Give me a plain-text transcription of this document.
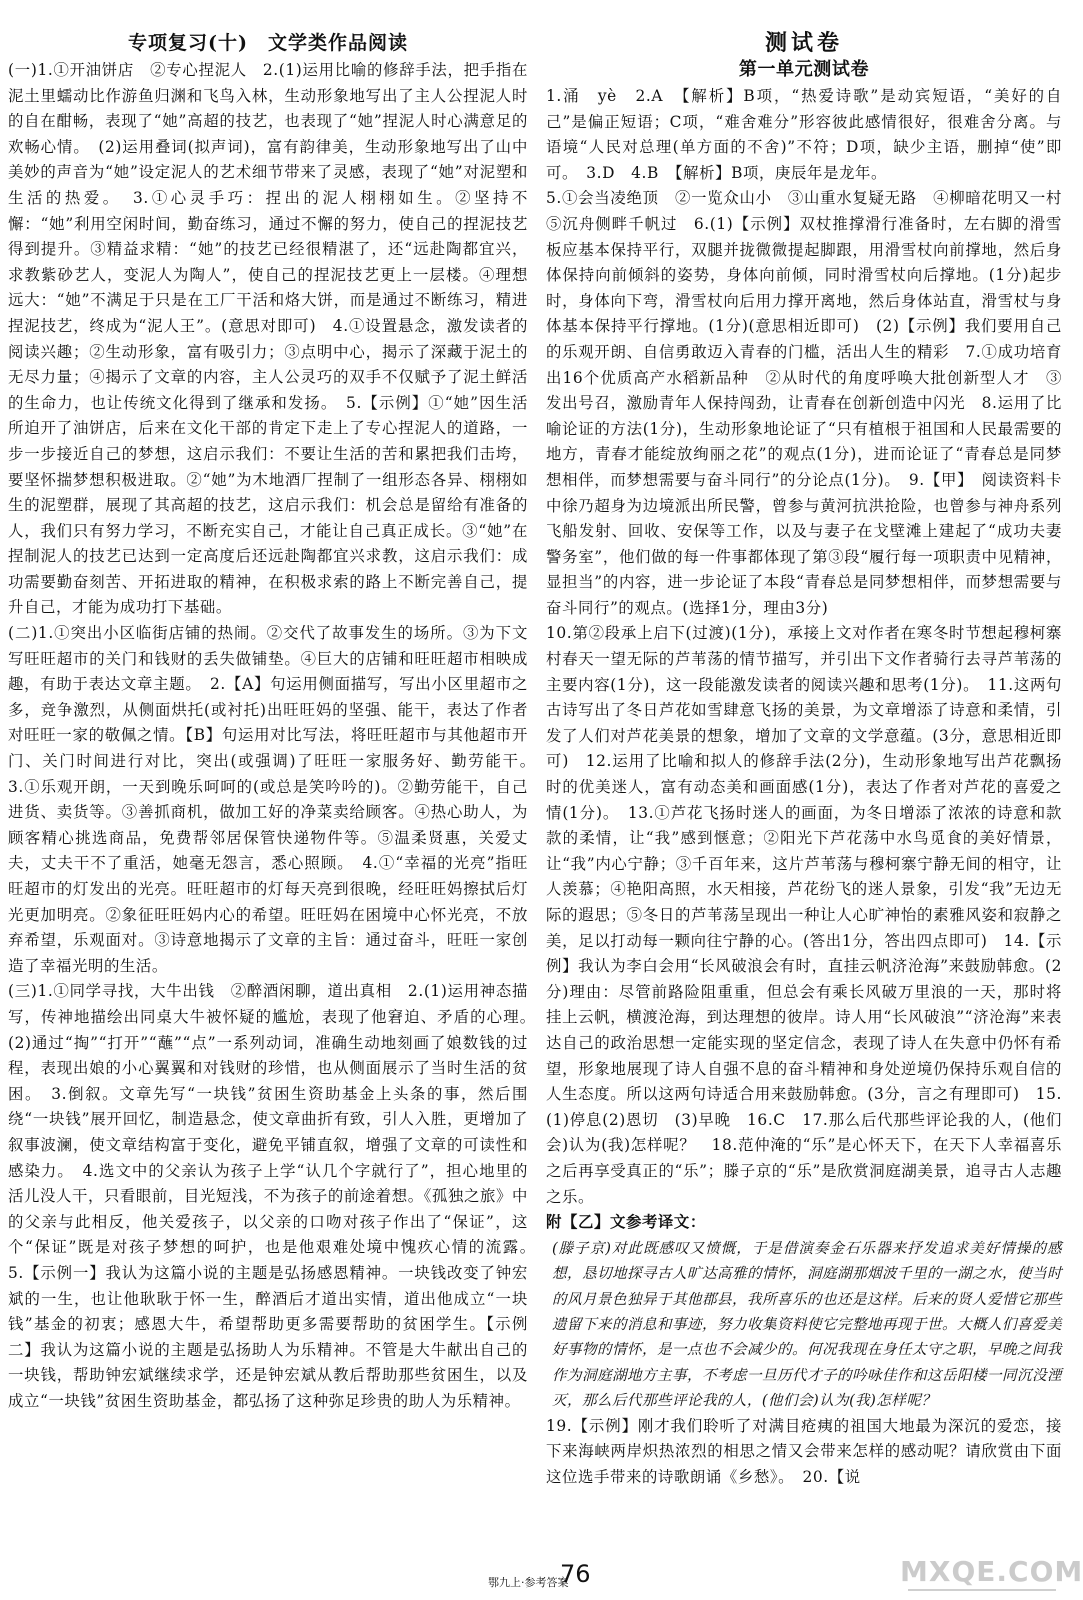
专项复习(十)　文学类作品阅读

(一)1.①开油饼店　②专心捏泥人　2.(1)运用比喻的修辞手法，把手指在泥土里蠕动比作游鱼归渊和飞鸟入林，生动形象地写出了主人公捏泥人时的自在酣畅，表现了“她”高超的技艺，也表现了“她”捏泥人时心满意足的欢畅心情。　(2)运用叠词(拟声词)，富有韵律美，生动形象地写出了山中美妙的声音为“她”设定泥人的艺术细节带来了灵感，表现了“她”对泥塑和生活的热爱。　3.①心灵手巧：捏出的泥人栩栩如生。②坚持不懈：“她”利用空闲时间，勤奋练习，通过不懈的努力，使自己的捏泥技艺得到提升。③精益求精：“她”的技艺已经很精湛了，还“远赴陶都宜兴，求教紫砂艺人，变泥人为陶人”，使自己的捏泥技艺更上一层楼。④理想远大：“她”不满足于只是在工厂干活和烙大饼，而是通过不断练习，精进捏泥技艺，终成为“泥人王”。(意思对即可)　4.①设置悬念，激发读者的阅读兴趣；②生动形象，富有吸引力；③点明中心，揭示了深藏于泥土的无尽力量；④揭示了文章的内容，主人公灵巧的双手不仅赋予了泥土鲜活的生命力，也让传统文化得到了继承和发扬。　5.【示例】①“她”因生活所迫开了油饼店，后来在文化干部的肯定下走上了专心捏泥人的道路，一步一步接近自己的梦想，这启示我们：不要让生活的苦和累把我们击垮，要坚怀揣梦想积极进取。②“她”为木地酒厂捏制了一组形态各异、栩栩如生的泥塑群，展现了其高超的技艺，这启示我们：机会总是留给有准备的人，我们只有努力学习，不断充实自己，才能让自己真正成长。③“她”在捏制泥人的技艺已达到一定高度后还远赴陶都宜兴求教，这启示我们：成功需要勤奋刻苦、开拓进取的精神，在积极求索的路上不断完善自己，提升自己，才能为成功打下基础。

(二)1.①突出小区临街店铺的热闹。②交代了故事发生的场所。③为下文写旺旺超市的关门和钱财的丢失做铺垫。④巨大的店铺和旺旺超市相映成趣，有助于表达文章主题。　2.【A】句运用侧面描写，写出小区里超市之多，竞争激烈，从侧面烘托(或衬托)出旺旺妈的坚强、能干，表达了作者对旺旺一家的敬佩之情。【B】句运用对比写法，将旺旺超市与其他超市开门、关门时间进行对比，突出(或强调)了旺旺一家服务好、勤劳能干。　3.①乐观开朗，一天到晚乐呵呵的(或总是笑吟吟的)。②勤劳能干，自己进货、卖货等。③善抓商机，做加工好的净菜卖给顾客。④热心助人，为顾客精心挑选商品，免费帮邻居保管快递物件等。⑤温柔贤惠，关爱丈夫，丈夫干不了重活，她毫无怨言，悉心照顾。　4.①“幸福的光亮”指旺旺超市的灯发出的光亮。旺旺超市的灯每天亮到很晚，经旺旺妈擦拭后灯光更加明亮。②象征旺旺妈内心的希望。旺旺妈在困境中心怀光亮，不放弃希望，乐观面对。③诗意地揭示了文章的主旨：通过奋斗，旺旺一家创造了幸福光明的生活。

(三)1.①同学寻找，大牛出钱　②醉酒闲聊，道出真相　2.(1)运用神态描写，传神地描绘出同桌大牛被怀疑的尴尬，表现了他窘迫、矛盾的心理。　(2)通过“掏”“打开”“蘸”“点”一系列动词，准确生动地刻画了娘数钱的过程，表现出娘的小心翼翼和对钱财的珍惜，也从侧面展示了当时生活的贫困。　3.倒叙。文章先写“一块钱”贫困生资助基金上头条的事，然后围绕“一块钱”展开回忆，制造悬念，使文章曲折有致，引人入胜，更增加了叙事波澜，使文章结构富于变化，避免平铺直叙，增强了文章的可读性和感染力。　4.选文中的父亲认为孩子上学“认几个字就行了”，担心地里的活儿没人干，只看眼前，目光短浅，不为孩子的前途着想。《孤独之旅》中的父亲与此相反，他关爱孩子，以父亲的口吻对孩子作出了“保证”，这个“保证”既是对孩子梦想的呵护，也是他艰难处境中愧疚心情的流露。　5.【示例一】我认为这篇小说的主题是弘扬感恩精神。一块钱改变了钟宏斌的一生，也让他耿耿于怀一生，醉酒后才道出实情，道出他成立“一块钱”基金的初衷；感恩大牛，希望帮助更多需要帮助的贫困学生。【示例二】我认为这篇小说的主题是弘扬助人为乐精神。不管是大牛献出自己的一块钱，帮助钟宏斌继续求学，还是钟宏斌从教后帮助那些贫困生，以及成立“一块钱”贫困生资助基金，都弘扬了这种弥足珍贵的助人为乐精神。

测试卷
第一单元测试卷

1.涌　yè　2.A　【解析】B项，“热爱诗歌”是动宾短语，“美好的自己”是偏正短语；C项，“难舍难分”形容彼此感情很好，很难舍分离。与语境“人民对总理(单方面的不舍)”不符；D项，缺少主语，删掉“使”即可。　3.D　4.B　【解析】B项，庚辰年是龙年。

5.①会当凌绝顶　②一览众山小　③山重水复疑无路　④柳暗花明又一村　⑤沉舟侧畔千帆过　6.(1)【示例】双杖推撑滑行准备时，左右脚的滑雪板应基本保持平行，双腿并拢微微提起脚跟，用滑雪杖向前撑地，然后身体保持向前倾斜的姿势，身体向前倾，同时滑雪杖向后撑地。(1分)起步时，身体向下弯，滑雪杖向后用力撑开离地，然后身体站直，滑雪杖与身体基本保持平行撑地。(1分)(意思相近即可)　(2)【示例】我们要用自己的乐观开朗、自信勇敢迈入青春的门槛，活出人生的精彩　7.①成功培育出16个优质高产水稻新品种　②从时代的角度呼唤大批创新型人才　③发出号召，激励青年人保持闯劲，让青春在创新创造中闪光　8.运用了比喻论证的方法(1分)，生动形象地论证了“只有植根于祖国和人民最需要的地方，青春才能绽放绚丽之花”的观点(1分)，进而论证了“青春总是同梦想相伴，而梦想需要与奋斗同行”的分论点(1分)。　9.【甲】　阅读资料卡中徐乃超身为边境派出所民警，曾参与黄河抗洪抢险，也曾参与神舟系列飞船发射、回收、安保等工作，以及与妻子在戈壁滩上建起了“成功夫妻警务室”，他们做的每一件事都体现了第③段“履行每一项职责中见精神，显担当”的内容，进一步论证了本段“青春总是同梦想相伴，而梦想需要与奋斗同行”的观点。(选择1分，理由3分)

10.第②段承上启下(过渡)(1分)，承接上文对作者在寒冬时节想起穆柯寨村春天一望无际的芦苇荡的情节描写，并引出下文作者骑行去寻芦苇荡的主要内容(1分)，这一段能激发读者的阅读兴趣和思考(1分)。　11.这两句古诗写出了冬日芦花如雪肆意飞扬的美景，为文章增添了诗意和柔情，引发了人们对芦花美景的想象，增加了文章的文学意蕴。(3分，意思相近即可)　12.运用了比喻和拟人的修辞手法(2分)，生动形象地写出芦花飘扬时的优美迷人，富有动态美和画面感(1分)，表达了作者对芦花的喜爱之情(1分)。　13.①芦花飞扬时迷人的画面，为冬日增添了浓浓的诗意和款款的柔情，让“我”感到惬意；②阳光下芦花荡中水鸟觅食的美好情景，让“我”内心宁静；③千百年来，这片芦苇荡与穆柯寨宁静无间的相守，让人羡慕；④艳阳高照，水天相接，芦花纷飞的迷人景象，引发“我”无边无际的遐思；⑤冬日的芦苇荡呈现出一种让人心旷神怡的素雅风姿和寂静之美，足以打动每一颗向往宁静的心。(答出1分，答出四点即可)　14.【示例】我认为李白会用“长风破浪会有时，直挂云帆济沧海”来鼓励韩愈。(2分)理由：尽管前路险阻重重，但总会有乘长风破万里浪的一天，那时将挂上云帆，横渡沧海，到达理想的彼岸。诗人用“长风破浪”“济沧海”来表达自己的政治思想一定能实现的坚定信念，表现了诗人在失意中仍怀有希望，形象地展现了诗人自强不息的奋斗精神和身处逆境仍保持乐观自信的人生态度。所以这两句诗适合用来鼓励韩愈。(3分，言之有理即可)　15.(1)停息(2)恩切　(3)早晚　16.C　17.那么后代那些评论我的人，(他们会)认为(我)怎样呢？　18.范仲淹的“乐”是心怀天下，在天下人幸福喜乐之后再享受真正的“乐”；滕子京的“乐”是欣赏洞庭湖美景，追寻古人志趣之乐。

附【乙】文参考译文：

(滕子京)对此既感叹又愤慨，于是借演奏金石乐器来抒发追求美好情操的感想，恳切地探寻古人旷达高雅的情怀，洞庭湖那烟波千里的一湖之水，使当时的风月景色独异于其他郡县，我所喜乐的也还是这样。后来的贤人爱惜它那些遗留下来的消息和事迹，努力收集资料使它完整地再现于世。大概人们喜爱美好事物的情怀，是一点也不会减少的。何况我现在身任太守之职，早晚之间我作为洞庭湖地方主事，不考虑一旦历代才子的吟咏佳作和这岳阳楼一同沉没湮灭，那么后代那些评论我的人，(他们会)认为(我)怎样呢？

19.【示例】刚才我们聆听了对满目疮痍的祖国大地最为深沉的爱恋，接下来海峡两岸炽热浓烈的相思之情又会带来怎样的感动呢？请欣赏由下面这位选手带来的诗歌朗诵《乡愁》。　20.【说

鄂九上·参考答案
76	MXQE.COM
